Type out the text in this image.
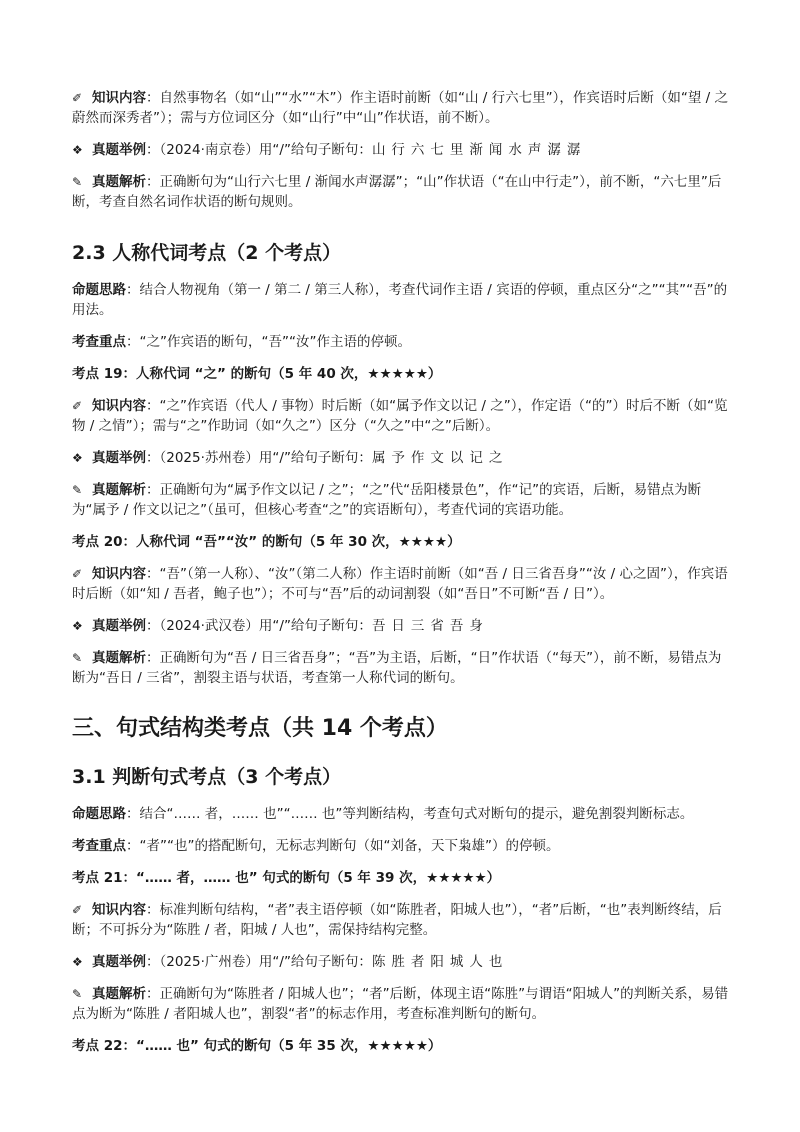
✐ 知识内容：自然事物名（如“山”“水”“木”）作主语时前断（如“山 / 行六七里”），作宾语时后断（如“望 / 之蔚然而深秀者”）；需与方位词区分（如“山行”中“山”作状语，前不断）。

❖ 真题举例：（2024·南京卷）用“/”给句子断句：山行六七里渐闻水声潺潺

✎ 真题解析：正确断句为“山行六七里 / 渐闻水声潺潺”；“山”作状语（“在山中行走”），前不断，“六七里”后断，考查自然名词作状语的断句规则。

2.3 人称代词考点（2 个考点）

命题思路：结合人物视角（第一 / 第二 / 第三人称），考查代词作主语 / 宾语的停顿，重点区分“之”“其”“吾”的用法。

考查重点：“之”作宾语的断句，“吾”“汝”作主语的停顿。

考点 19：人称代词 “之” 的断句（5 年 40 次，★★★★★）

✐ 知识内容：“之”作宾语（代人 / 事物）时后断（如“属予作文以记 / 之”），作定语（“的”）时后不断（如“览物 / 之情”）；需与“之”作助词（如“久之”）区分（“久之”中“之”后断）。

❖ 真题举例：（2025·苏州卷）用“/”给句子断句：属予作文以记之

✎ 真题解析：正确断句为“属予作文以记 / 之”；“之”代“岳阳楼景色”，作“记”的宾语，后断，易错点为断为“属予 / 作文以记之”（虽可，但核心考查“之”的宾语断句），考查代词的宾语功能。

考点 20：人称代词 “吾”“汝” 的断句（5 年 30 次，★★★★）

✐ 知识内容：“吾”（第一人称）、“汝”（第二人称）作主语时前断（如“吾 / 日三省吾身”“汝 / 心之固”），作宾语时后断（如“知 / 吾者，鲍子也”）；不可与“吾”后的动词割裂（如“吾日”不可断“吾 / 日”）。

❖ 真题举例：（2024·武汉卷）用“/”给句子断句：吾日三省吾身

✎ 真题解析：正确断句为“吾 / 日三省吾身”；“吾”为主语，后断，“日”作状语（“每天”），前不断，易错点为断为“吾日 / 三省”，割裂主语与状语，考查第一人称代词的断句。

三、句式结构类考点（共 14 个考点）
3.1 判断句式考点（3 个考点）

命题思路：结合“…… 者，…… 也”“…… 也”等判断结构，考查句式对断句的提示，避免割裂判断标志。

考查重点：“者”“也”的搭配断句，无标志判断句（如“刘备，天下枭雄”）的停顿。

考点 21：“…… 者，…… 也” 句式的断句（5 年 39 次，★★★★★）

✐ 知识内容：标准判断句结构，“者”表主语停顿（如“陈胜者，阳城人也”），“者”后断，“也”表判断终结，后断；不可拆分为“陈胜 / 者，阳城 / 人也”，需保持结构完整。

❖ 真题举例：（2025·广州卷）用“/”给句子断句：陈胜者阳城人也

✎ 真题解析：正确断句为“陈胜者 / 阳城人也”；“者”后断，体现主语“陈胜”与谓语“阳城人”的判断关系，易错点为断为“陈胜 / 者阳城人也”，割裂“者”的标志作用，考查标准判断句的断句。

考点 22：“…… 也” 句式的断句（5 年 35 次，★★★★★）
